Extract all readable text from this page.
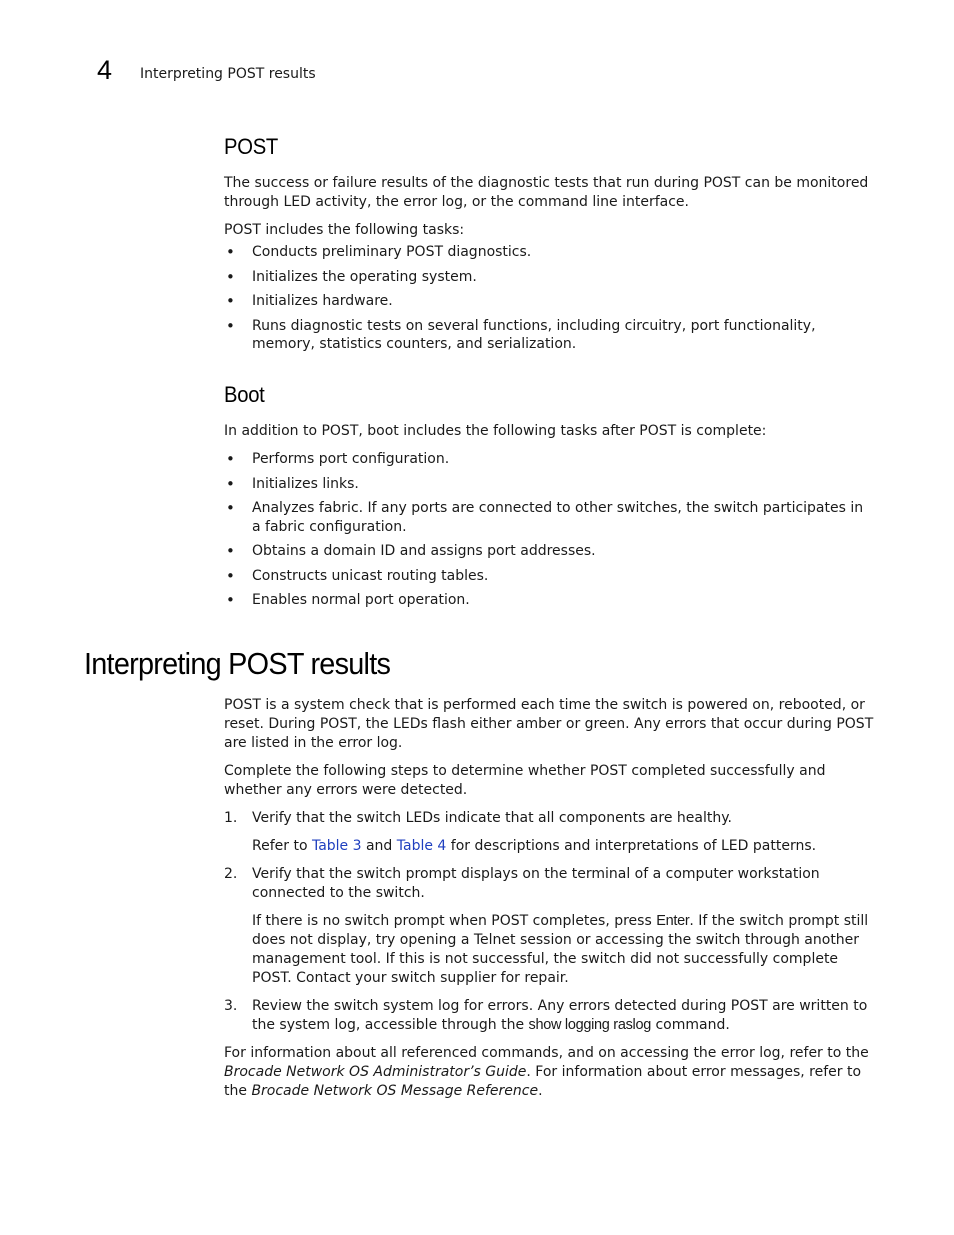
4 Interpreting POST results
POST

The success or failure results of the diagnostic tests that run during POST can be monitored through LED activity, the error log, or the command line interface.

POST includes the following tasks:

• Conducts preliminary POST diagnostics.
• Initializes the operating system.
• Initializes hardware.
• Runs diagnostic tests on several functions, including circuitry, port functionality, memory, statistics counters, and serialization.
Boot

In addition to POST, boot includes the following tasks after POST is complete:

• Performs port configuration.
• Initializes links.
• Analyzes fabric. If any ports are connected to other switches, the switch participates in a fabric configuration.
• Obtains a domain ID and assigns port addresses.
• Constructs unicast routing tables.
• Enables normal port operation.
Interpreting POST results

POST is a system check that is performed each time the switch is powered on, rebooted, or reset. During POST, the LEDs flash either amber or green. Any errors that occur during POST are listed in the error log.

Complete the following steps to determine whether POST completed successfully and whether any errors were detected.

1. Verify that the switch LEDs indicate that all components are healthy.

Refer to Table 3 and Table 4 for descriptions and interpretations of LED patterns.

2. Verify that the switch prompt displays on the terminal of a computer workstation connected to the switch.

If there is no switch prompt when POST completes, press Enter. If the switch prompt still does not display, try opening a Telnet session or accessing the switch through another management tool. If this is not successful, the switch did not successfully complete POST. Contact your switch supplier for repair.

3. Review the switch system log for errors. Any errors detected during POST are written to the system log, accessible through the show logging raslog command.

For information about all referenced commands, and on accessing the error log, refer to the Brocade Network OS Administrator’s Guide. For information about error messages, refer to the Brocade Network OS Message Reference.
